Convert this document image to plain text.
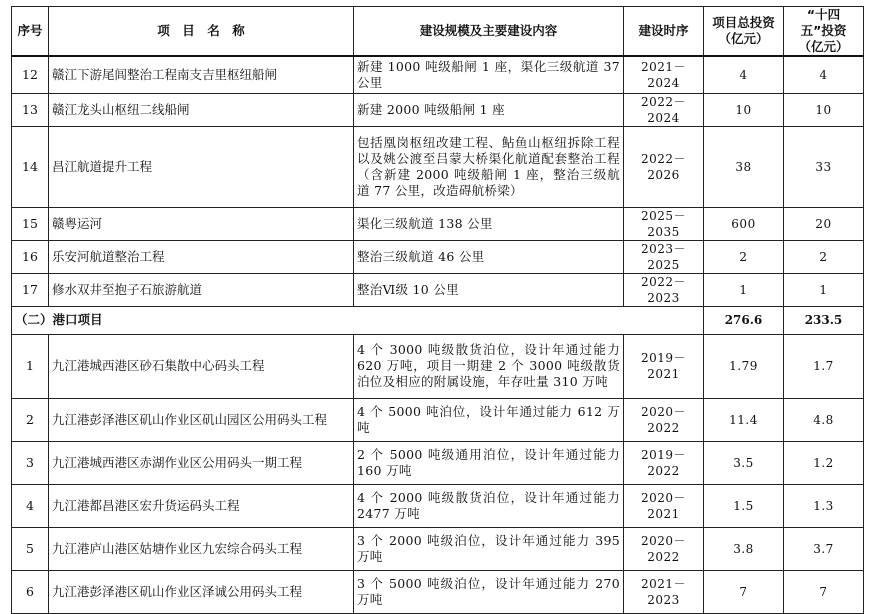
序号	项　目　名　称	建设规模及主要建设内容	建设时序	项目总投资（亿元）	“十四五”投资（亿元）
12	赣江下游尾闾整治工程南支吉里枢纽船闸	新建 1000 吨级船闸 1 座，渠化三级航道 37 公里	2021－2024	4	4
13	赣江龙头山枢纽二线船闸	新建 2000 吨级船闸 1 座	2022－2024	10	10
14	昌江航道提升工程	包括凰岗枢纽改建工程、鲇鱼山枢纽拆除工程以及姚公渡至吕蒙大桥渠化航道配套整治工程（含新建 2000 吨级船闸 1 座，整治三级航道 77 公里，改造碍航桥梁）	2022－2026	38	33
15	赣粤运河	渠化三级航道 138 公里	2025－2035	600	20
16	乐安河航道整治工程	整治三级航道 46 公里	2023－2025	2	2
17	修水双井至抱子石旅游航道	整治Ⅵ级 10 公里	2022－2023	1	1
（二）港口项目				276.6	233.5
1	九江港城西港区砂石集散中心码头工程	4 个 3000 吨级散货泊位，设计年通过能力 620 万吨，项目一期建 2 个 3000 吨级散货泊位及相应的附属设施，年存吐量 310 万吨	2019－2021	1.79	1.7
2	九江港彭泽港区矶山作业区矶山园区公用码头工程	4 个 5000 吨泊位，设计年通过能力 612 万吨	2020－2022	11.4	4.8
3	九江港城西港区赤湖作业区公用码头一期工程	2 个 5000 吨级通用泊位，设计年通过能力 160 万吨	2019－2022	3.5	1.2
4	九江港都昌港区宏升货运码头工程	4 个 2000 吨级散货泊位，设计年通过能力 2477 万吨	2020－2021	1.5	1.3
5	九江港庐山港区姑塘作业区九宏综合码头工程	3 个 2000 吨级泊位，设计年通过能力 395 万吨	2020－2022	3.8	3.7
6	九江港彭泽港区矶山作业区泽诚公用码头工程	3 个 5000 吨级泊位，设计年通过能力 270 万吨	2021－2023	7	7
